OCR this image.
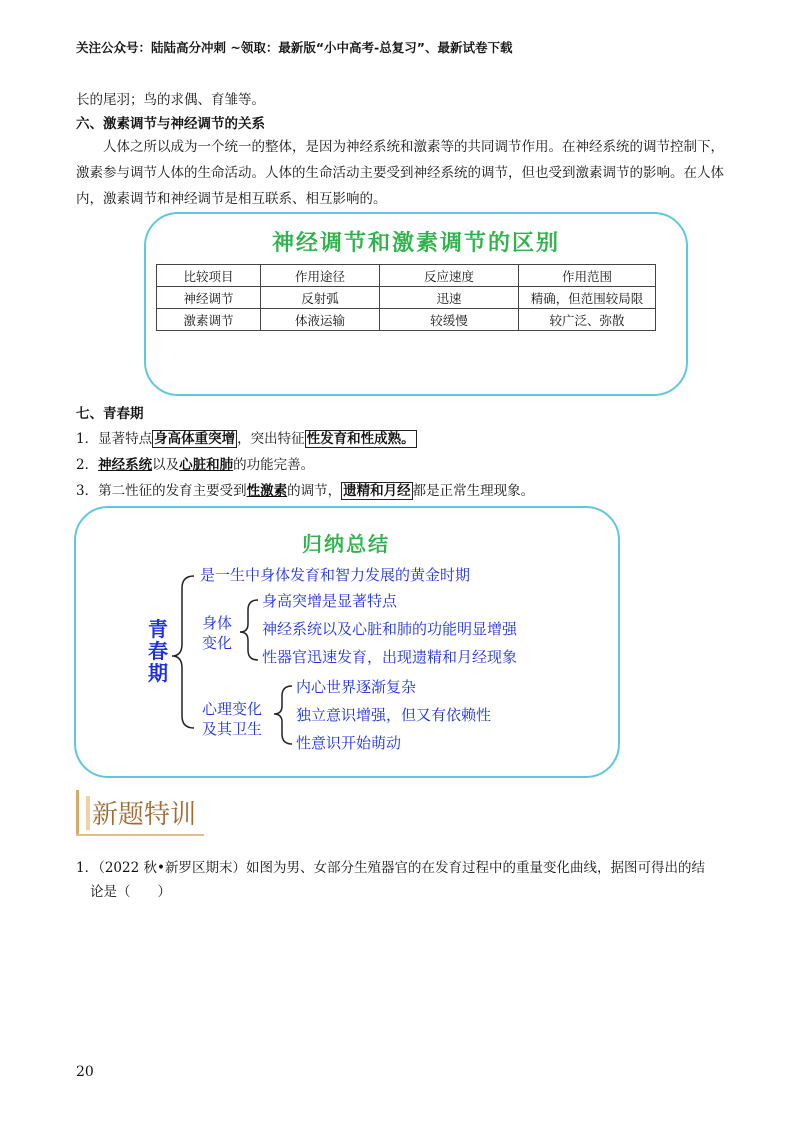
关注公众号：陆陆高分冲刺 ~领取：最新版“小中高考-总复习”、最新试卷下载
长的尾羽；鸟的求偶、育雏等。
六、激素调节与神经调节的关系
人体之所以成为一个统一的整体，是因为神经系统和激素等的共同调节作用。在神经系统的调节控制下，激素参与调节人体的生命活动。人体的生命活动主要受到神经系统的调节，但也受到激素调节的影响。在人体内，激素调节和神经调节是相互联系、相互影响的。
神经调节和激素调节的区别
比较项目	作用途径	反应速度	作用范围
神经调节	反射弧	迅速	精确，但范围较局限
激素调节	体液运输	较缓慢	较广泛、弥散
七、青春期
1．显著特点 身高体重突增 ，突出特征 性发育和性成熟。
2．神经系统以及心脏和肺的功能完善。
3．第二性征的发育主要受到性激素的调节， 遗精和月经 都是正常生理现象。
归纳总结
青春期
是一生中身体发育和智力发展的黄金时期
身体
变化
身高突增是显著特点
神经系统以及心脏和肺的功能明显增强
性器官迅速发育，出现遗精和月经现象
心理变化
及其卫生
内心世界逐渐复杂
独立意识增强，但又有依赖性
性意识开始萌动
新题特训
1．（2022 秋•新罗区期末）如图为男、女部分生殖器官的在发育过程中的重量变化曲线，据图可得出的结
论是（　　）
20
